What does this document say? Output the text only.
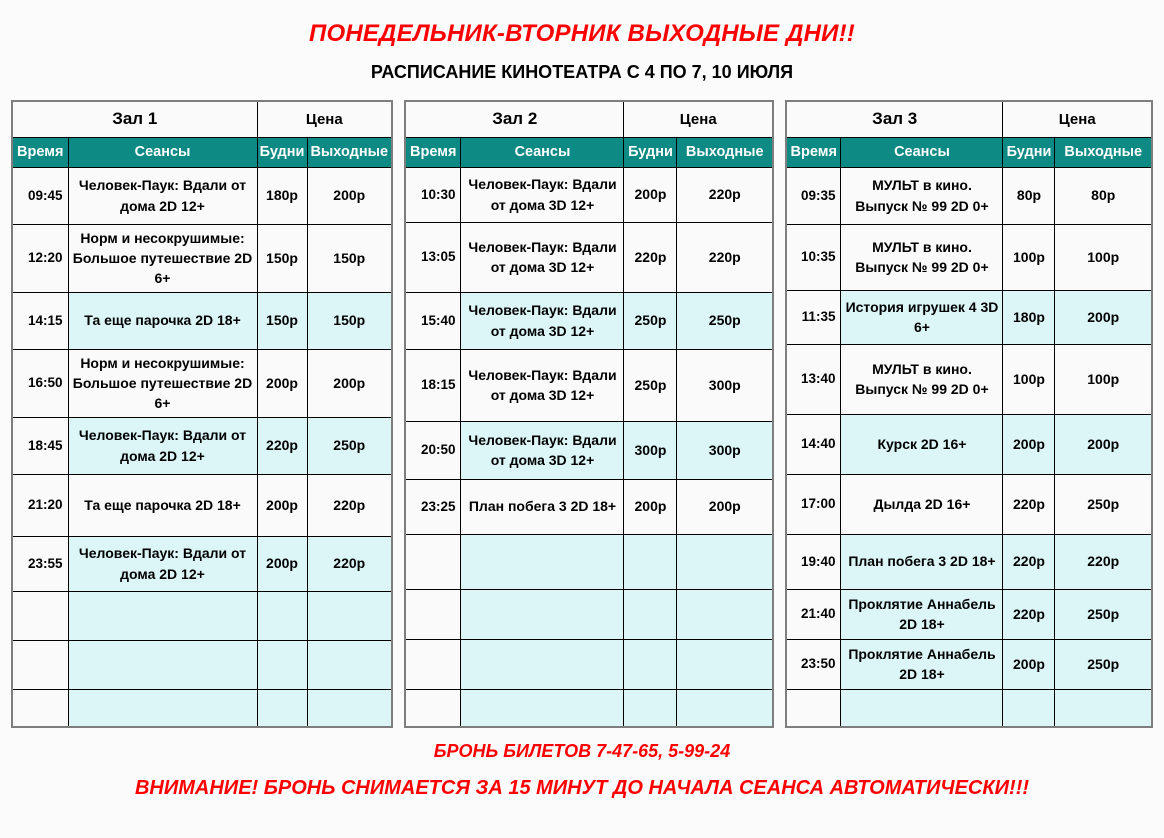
ПОНЕДЕЛЬНИК-ВТОРНИК ВЫХОДНЫЕ ДНИ!!
РАСПИСАНИЕ КИНОТЕАТРА С 4 ПО 7, 10 ИЮЛЯ
Зал 1		Цена	
Время	Сеансы	Будни	Выходные
09:45	Человек-Паук: Вдали от дома 2D 12+	180р	200р
12:20	Норм и несокрушимые: Большое путешествие 2D 6+	150р	150р
14:15	Та еще парочка 2D 18+	150р	150р
16:50	Норм и несокрушимые: Большое путешествие 2D 6+	200р	200р
18:45	Человек-Паук: Вдали от дома 2D 12+	220р	250р
21:20	Та еще парочка 2D 18+	200р	220р
23:55	Человек-Паук: Вдали от дома 2D 12+	200р	220р

Зал 2		Цена	
Время	Сеансы	Будни	Выходные
10:30	Человек-Паук: Вдали от дома 3D 12+	200р	220р
13:05	Человек-Паук: Вдали от дома 3D 12+	220р	220р
15:40	Человек-Паук: Вдали от дома 3D 12+	250р	250р
18:15	Человек-Паук: Вдали от дома 3D 12+	250р	300р
20:50	Человек-Паук: Вдали от дома 3D 12+	300р	300р
23:25	План побега 3 2D 18+	200р	200р

Зал 3		Цена	
Время	Сеансы	Будни	Выходные
09:35	МУЛЬТ в кино. Выпуск № 99 2D 0+	80р	80р
10:35	МУЛЬТ в кино. Выпуск № 99 2D 0+	100р	100р
11:35	История игрушек 4 3D 6+	180р	200р
13:40	МУЛЬТ в кино. Выпуск № 99 2D 0+	100р	100р
14:40	Курск 2D 16+	200р	200р
17:00	Дылда 2D 16+	220р	250р
19:40	План побега 3 2D 18+	220р	220р
21:40	Проклятие Аннабель 2D 18+	220р	250р
23:50	Проклятие Аннабель 2D 18+	200р	250р

БРОНЬ БИЛЕТОВ 7-47-65, 5-99-24
ВНИМАНИЕ! БРОНЬ СНИМАЕТСЯ ЗА 15 МИНУТ ДО НАЧАЛА СЕАНСА АВТОМАТИЧЕСКИ!!!
